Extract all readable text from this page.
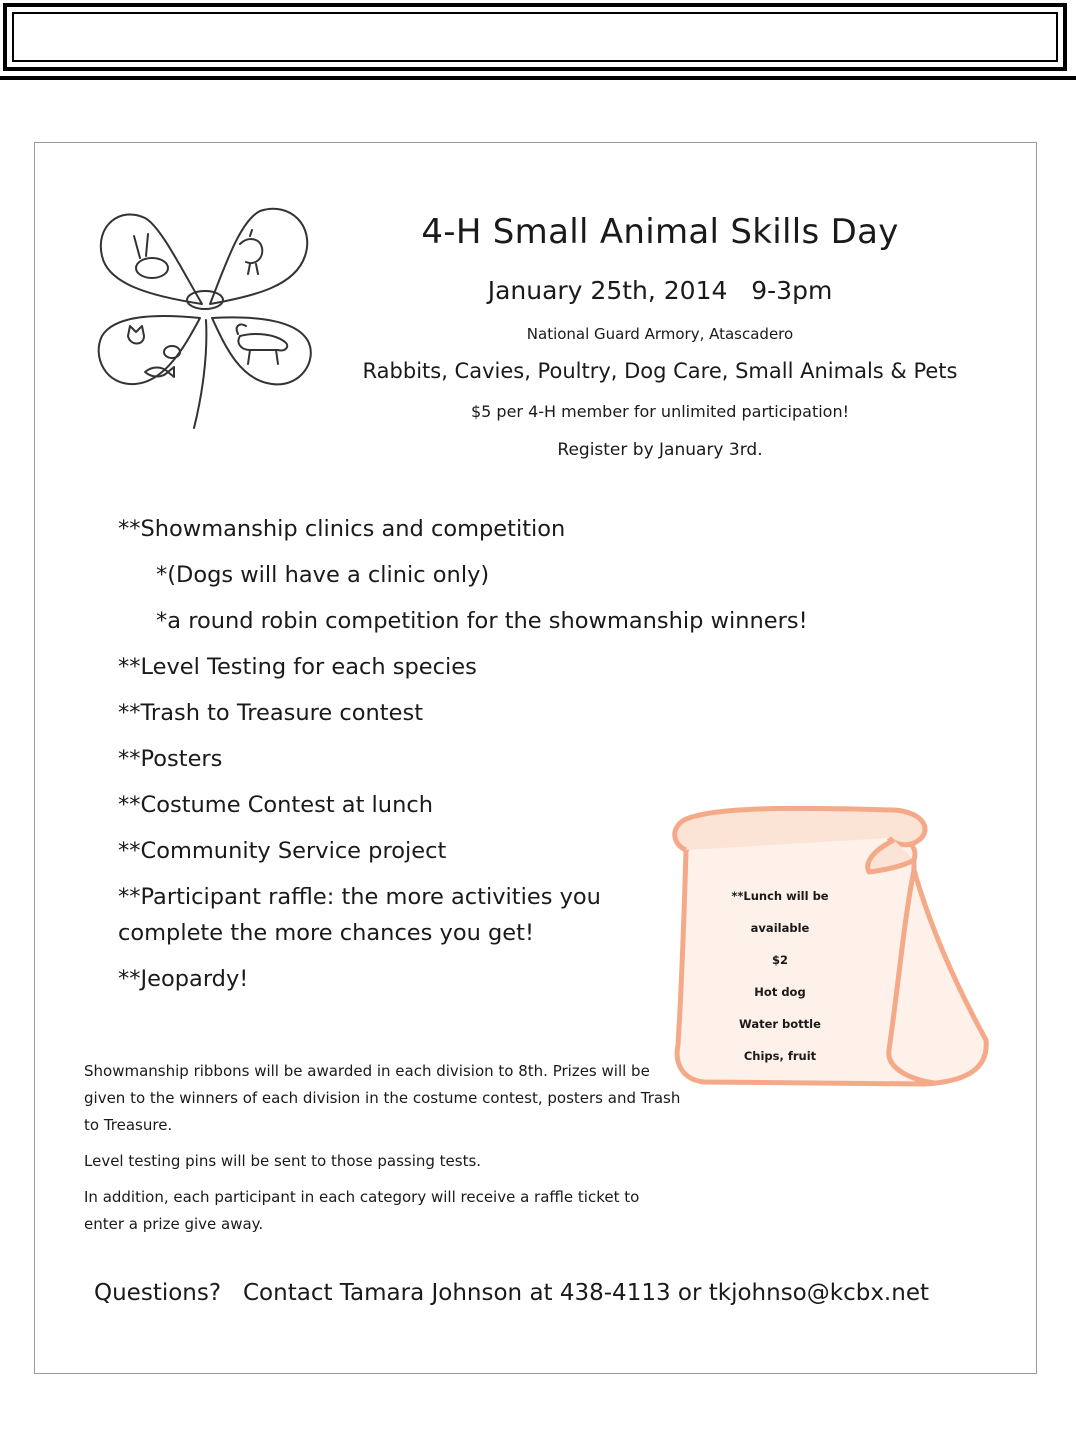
4-H Small Animal Skills Day
January 25th, 2014   9-3pm
National Guard Armory, Atascadero
Rabbits, Cavies, Poultry, Dog Care, Small Animals & Pets
$5 per 4-H member for unlimited participation!
Register by January 3rd.
**Showmanship clinics and competition
*(Dogs will have a clinic only)
*a round robin competition for the showmanship winners!
**Level Testing for each species
**Trash to Treasure contest
**Posters
**Costume Contest at lunch
**Community Service project
**Participant raffle: the more activities you complete the more chances you get!
**Jeopardy!
**Lunch will be
available
$2
Hot dog
Water bottle
Chips, fruit

Showmanship ribbons will be awarded in each division to 8th. Prizes will be given to the winners of each division in the costume contest, posters and Trash to Treasure.

Level testing pins will be sent to those passing tests.

In addition, each participant in each category will receive a raffle ticket to enter a prize give away.

Questions?   Contact Tamara Johnson at 438-4113 or tkjohnso@kcbx.net
